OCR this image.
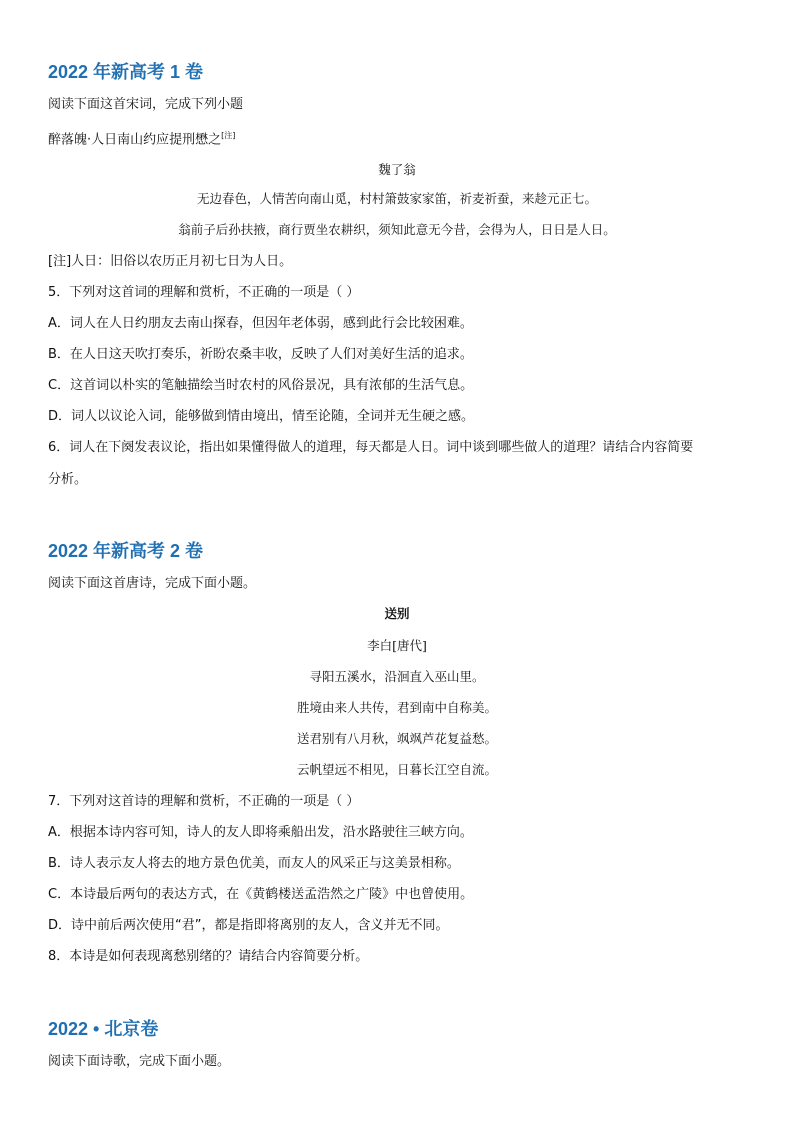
2022 年新高考 1 卷
阅读下面这首宋词，完成下列小题
醉落魄·人日南山约应提刑懋之[注]
魏了翁
无边春色，人情苦向南山觅，村村箫鼓家家笛，祈麦祈蚕，来趁元正七。
翁前子后孙扶掖，商行贾坐农耕织，须知此意无今昔，会得为人，日日是人日。
[注]人日：旧俗以农历正月初七日为人日。
5．下列对这首词的理解和赏析，不正确的一项是（ ）
A．词人在人日约朋友去南山探春，但因年老体弱，感到此行会比较困难。
B．在人日这天吹打奏乐，祈盼农桑丰收，反映了人们对美好生活的追求。
C．这首词以朴实的笔触描绘当时农村的风俗景况，具有浓郁的生活气息。
D．词人以议论入词，能够做到情由境出，情至论随，全词并无生硬之感。
6．词人在下阕发表议论，指出如果懂得做人的道理，每天都是人日。词中谈到哪些做人的道理？请结合内容简要
分析。
2022 年新高考 2 卷
阅读下面这首唐诗，完成下面小题。
送别
李白[唐代]
寻阳五溪水，沿洄直入巫山里。
胜境由来人共传，君到南中自称美。
送君别有八月秋，飒飒芦花复益愁。
云帆望远不相见，日暮长江空自流。
7．下列对这首诗的理解和赏析，不正确的一项是（ ）
A．根据本诗内容可知，诗人的友人即将乘船出发，沿水路驶往三峡方向。
B．诗人表示友人将去的地方景色优美，而友人的风采正与这美景相称。
C．本诗最后两句的表达方式，在《黄鹤楼送孟浩然之广陵》中也曾使用。
D．诗中前后两次使用“君”，都是指即将离别的友人，含义并无不同。
8．本诗是如何表现离愁别绪的？请结合内容简要分析。
2022 • 北京卷
阅读下面诗歌，完成下面小题。
